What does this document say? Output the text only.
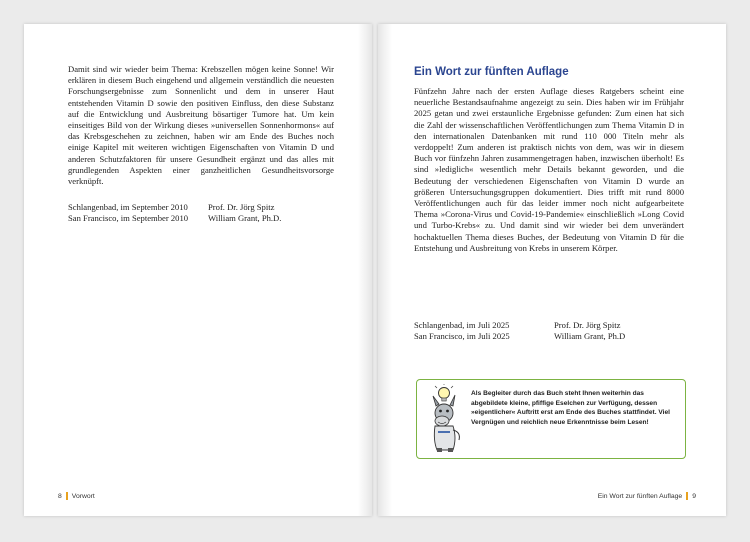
Damit sind wir wieder beim Thema: Krebszellen mögen keine Sonne! Wir erklären in diesem Buch eingehend und allgemein verständlich die neuesten Forschungsergebnisse zum Sonnenlicht und dem in unserer Haut entstehenden Vitamin D sowie den positiven Einfluss, den diese Substanz auf die Entwicklung und Ausbreitung bösartiger Tumore hat. Um kein einseitiges Bild von der Wirkung dieses »universellen Sonnenhormons« auf das Krebsgeschehen zu zeichnen, haben wir am Ende des Buches noch einige Kapitel mit weiteren wichtigen Eigenschaften von Vitamin D und anderen Schutzfaktoren für unsere Gesundheit ergänzt und das alles mit grundlegenden Aspekten einer ganzheitlichen Gesundheitsvorsorge verknüpft.
Schlangenbad, im September 2010	Prof. Dr. Jörg Spitz
San Francisco, im September 2010	William Grant, Ph.D.
8 Vorwort
Ein Wort zur fünften Auflage
Fünfzehn Jahre nach der ersten Auflage dieses Ratgebers scheint eine neuerliche Bestandsaufnahme angezeigt zu sein. Dies haben wir im Frühjahr 2025 getan und zwei erstaunliche Ergebnisse gefunden: Zum einen hat sich die Zahl der wissenschaftlichen Veröffentlichungen zum Thema Vitamin D in den internationalen Datenbanken mit rund 110 000 Titeln mehr als verdoppelt! Zum anderen ist praktisch nichts von dem, was wir in diesem Buch vor fünfzehn Jahren zusammengetragen haben, inzwischen überholt! Es sind »lediglich« wesentlich mehr Details bekannt geworden, und die Bedeutung der verschiedenen Eigenschaften von Vitamin D wurde an größeren Untersuchungsgruppen dokumentiert. Dies trifft mit rund 8000 Veröffentlichungen auch für das leider immer noch nicht aufgearbeitete Thema »Corona-Virus und Covid-19-Pandemie« einschließlich »Long Covid und Turbo-Krebs« zu. Und damit sind wir wieder bei dem unverändert hochaktuellen Thema dieses Buches, der Bedeutung von Vitamin D für die Entstehung und Ausbreitung von Krebs in unserem Körper.
Schlangenbad, im Juli 2025	Prof. Dr. Jörg Spitz
San Francisco, im Juli 2025	William Grant, Ph.D
Als Begleiter durch das Buch steht Ihnen weiterhin das abgebildete kleine, pfiffige Eselchen zur Verfügung, dessen »eigentlicher« Auftritt erst am Ende des Buches stattfindet. Viel Vergnügen und reichlich neue Erkenntnisse beim Lesen!
Ein Wort zur fünften Auflage 9
